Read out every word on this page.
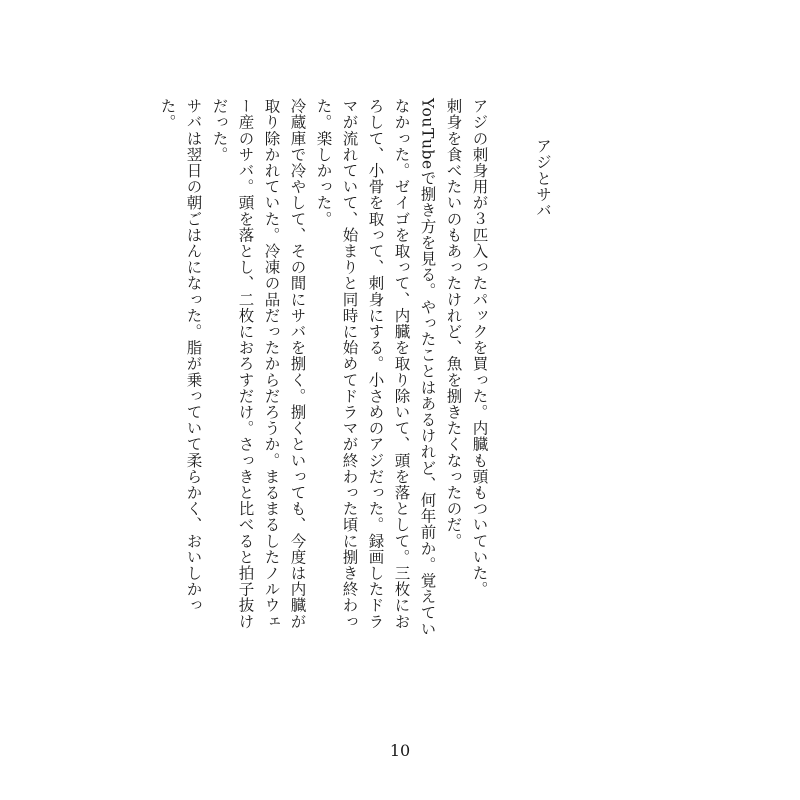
アジとサバ

アジの刺身用が３匹入ったパックを買った。内臓も頭もついていた。

刺身を食べたいのもあったけれど、魚を捌きたくなったのだ。

YouTubeで捌き方を見る。やったことはあるけれど、何年前か。覚えていなかった。ゼイゴを取って、内臓を取り除いて、頭を落として。三枚におろして、小骨を取って、刺身にする。小さめのアジだった。録画したドラマが流れていて、始まりと同時に始めてドラマが終わった頃に捌き終わった。楽しかった。

冷蔵庫で冷やして、その間にサバを捌く。捌くといっても、今度は内臓が取り除かれていた。冷凍の品だったからだろうか。まるまるしたノルウェー産のサバ。頭を落とし、二枚におろすだけ。さっきと比べると拍子抜けだった。

サバは翌日の朝ごはんになった。脂が乗っていて柔らかく、おいしかった。

10
